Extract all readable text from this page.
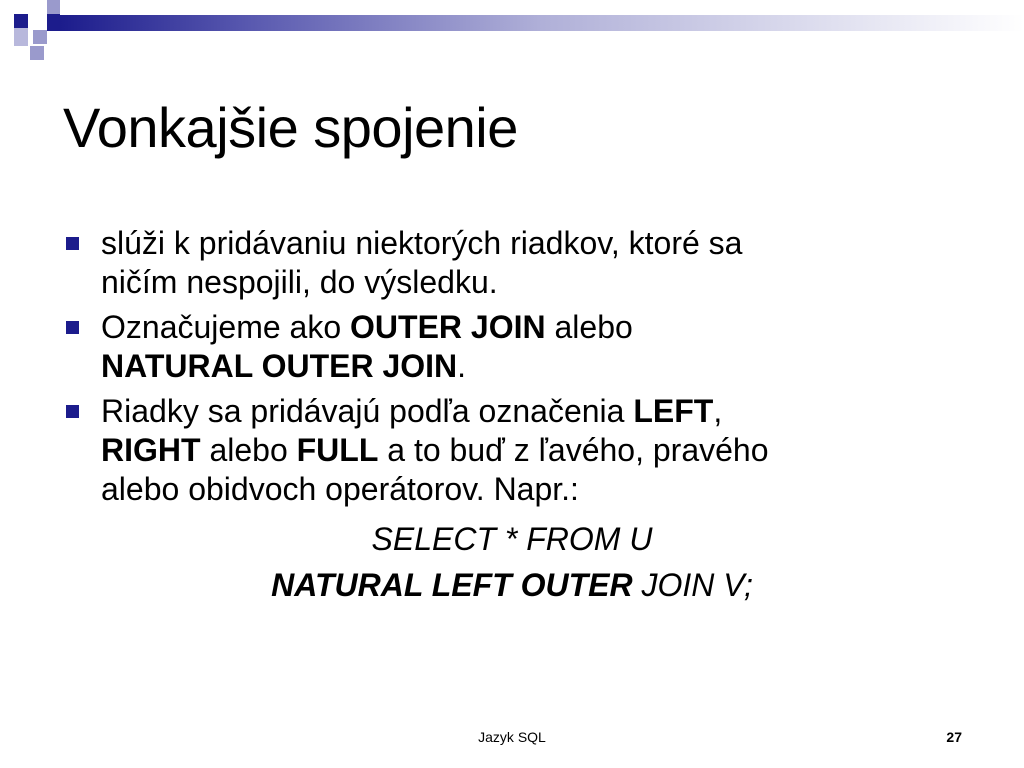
Vonkajšie spojenie
slúži k pridávaniu niektorých riadkov, ktoré sa
ničím nespojili, do výsledku.
Označujeme ako OUTER JOIN alebo
NATURAL OUTER JOIN.
Riadky sa pridávajú podľa označenia LEFT,
RIGHT alebo FULL a to buď z ľavého, pravého
alebo obidvoch operátorov. Napr.:
SELECT * FROM U
NATURAL LEFT OUTER JOIN V;
Jazyk SQL	27
